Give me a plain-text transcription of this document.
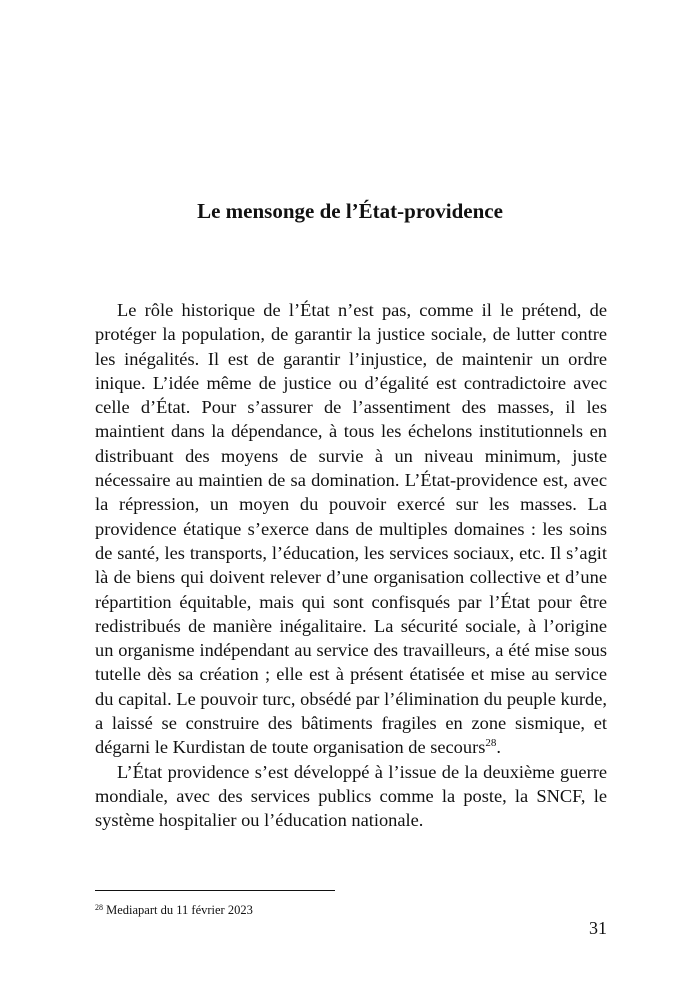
Le mensonge de l’État-providence

Le rôle historique de l’État n’est pas, comme il le prétend, de protéger la population, de garantir la justice sociale, de lutter contre les inégalités. Il est de garantir l’injustice, de maintenir un ordre inique. L’idée même de justice ou d’égalité est contradictoire avec celle d’État. Pour s’assurer de l’assentiment des masses, il les maintient dans la dépendance, à tous les échelons institutionnels en distribuant des moyens de survie à un niveau minimum, juste nécessaire au maintien de sa domination. L’État-providence est, avec la répression, un moyen du pouvoir exercé sur les masses. La providence étatique s’exerce dans de multiples domaines : les soins de santé, les transports, l’éducation, les services sociaux, etc. Il s’agit là de biens qui doivent relever d’une organisation collective et d’une répartition équitable, mais qui sont confisqués par l’État pour être redistribués de manière inégalitaire. La sécurité sociale, à l’origine un organisme indépendant au service des travailleurs, a été mise sous tutelle dès sa création ; elle est à présent étatisée et mise au service du capital. Le pouvoir turc, obsédé par l’élimination du peuple kurde, a laissé se construire des bâtiments fragiles en zone sismique, et dégarni le Kurdistan de toute organisation de secours$^{28}$.

L’État providence s’est développé à l’issue de la deuxième guerre mondiale, avec des services publics comme la poste, la SNCF, le système hospitalier ou l’éducation nationale.

$^{28}$ Mediapart du 11 février 2023

31
